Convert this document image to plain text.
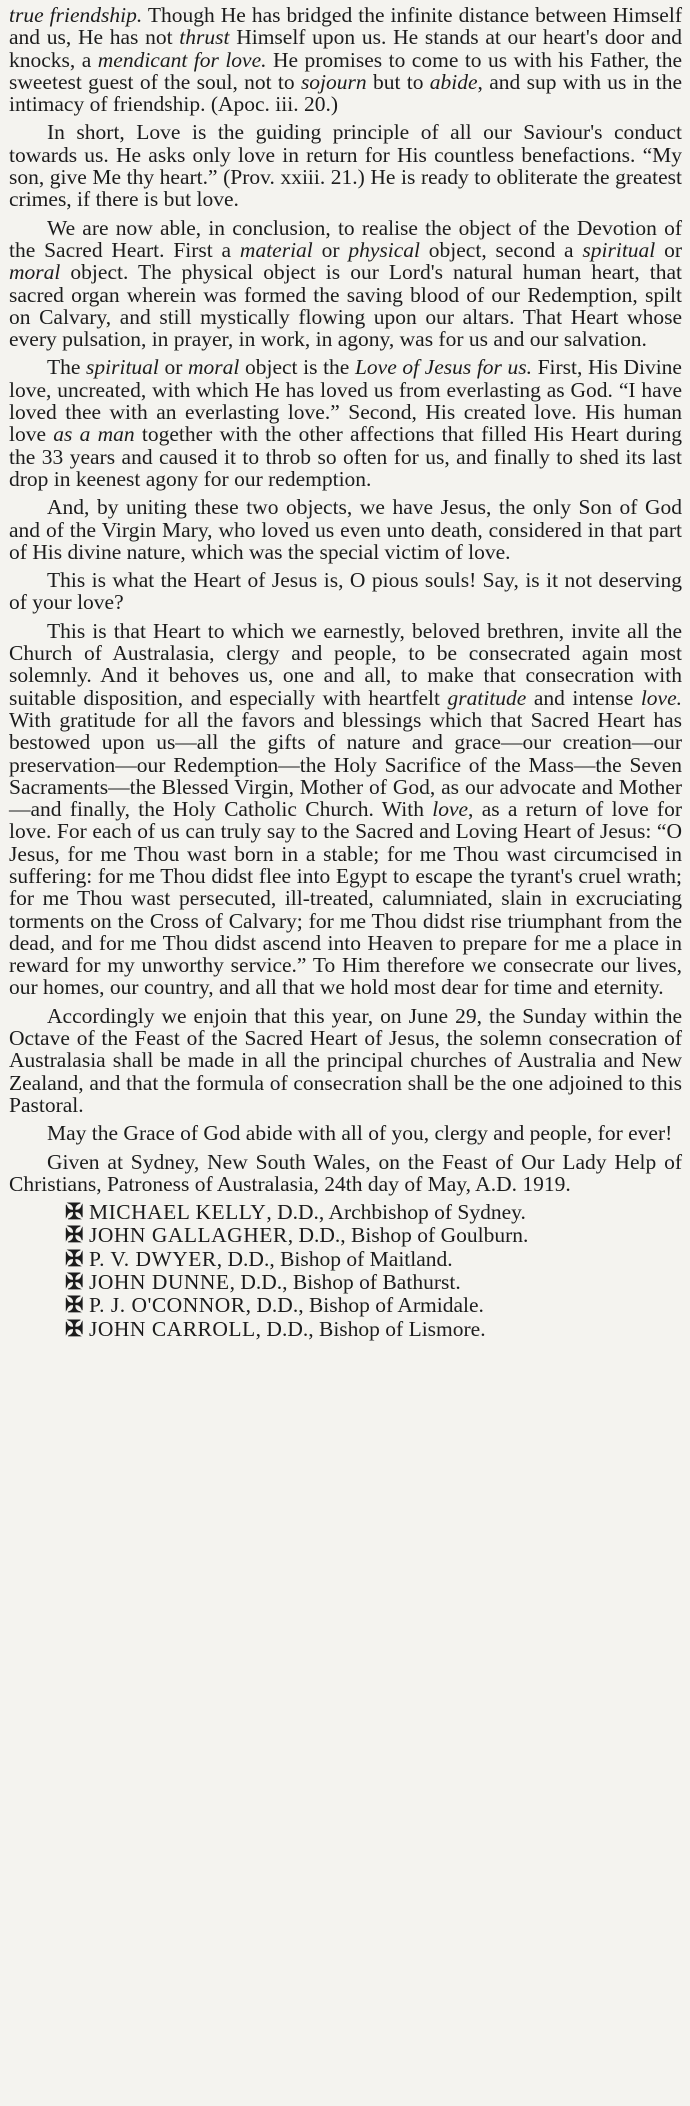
true friendship. Though He has bridged the infinite distance between Himself and us, He has not thrust Himself upon us. He stands at our heart's door and knocks, a mendicant for love. He promises to come to us with his Father, the sweetest guest of the soul, not to sojourn but to abide, and sup with us in the intimacy of friendship. (Apoc. iii. 20.)

In short, Love is the guiding principle of all our Saviour's conduct towards us. He asks only love in return for His countless benefactions. “My son, give Me thy heart.” (Prov. xxiii. 21.) He is ready to obliterate the greatest crimes, if there is but love.

We are now able, in conclusion, to realise the object of the Devotion of the Sacred Heart. First a material or physical object, second a spiritual or moral object. The physical object is our Lord's natural human heart, that sacred organ wherein was formed the saving blood of our Redemption, spilt on Calvary, and still mystically flowing upon our altars. That Heart whose every pulsation, in prayer, in work, in agony, was for us and our salvation.

The spiritual or moral object is the Love of Jesus for us. First, His Divine love, uncreated, with which He has loved us from everlasting as God. “I have loved thee with an everlasting love.” Second, His created love. His human love as a man together with the other affections that filled His Heart during the 33 years and caused it to throb so often for us, and finally to shed its last drop in keenest agony for our redemption.

And, by uniting these two objects, we have Jesus, the only Son of God and of the Virgin Mary, who loved us even unto death, considered in that part of His divine nature, which was the special victim of love.

This is what the Heart of Jesus is, O pious souls! Say, is it not deserving of your love?

This is that Heart to which we earnestly, beloved brethren, invite all the Church of Australasia, clergy and people, to be consecrated again most solemnly. And it behoves us, one and all, to make that consecration with suitable disposition, and especially with heartfelt gratitude and intense love. With gratitude for all the favors and blessings which that Sacred Heart has bestowed upon us—all the gifts of nature and grace—our creation—our preservation—our Redemption—the Holy Sacrifice of the Mass—the Seven Sacraments—the Blessed Virgin, Mother of God, as our advocate and Mother—and finally, the Holy Catholic Church. With love, as a return of love for love. For each of us can truly say to the Sacred and Loving Heart of Jesus: “O Jesus, for me Thou wast born in a stable; for me Thou wast circumcised in suffering: for me Thou didst flee into Egypt to escape the tyrant's cruel wrath; for me Thou wast persecuted, ill-treated, calumniated, slain in excruciating torments on the Cross of Calvary; for me Thou didst rise triumphant from the dead, and for me Thou didst ascend into Heaven to prepare for me a place in reward for my unworthy service.” To Him therefore we consecrate our lives, our homes, our country, and all that we hold most dear for time and eternity.

Accordingly we enjoin that this year, on June 29, the Sunday within the Octave of the Feast of the Sacred Heart of Jesus, the solemn consecration of Australasia shall be made in all the principal churches of Australia and New Zealand, and that the formula of consecration shall be the one adjoined to this Pastoral.

May the Grace of God abide with all of you, clergy and people, for ever!

Given at Sydney, New South Wales, on the Feast of Our Lady Help of Christians, Patroness of Australasia, 24th day of May, A.D. 1919.

✠ MICHAEL KELLY, D.D., Archbishop of Sydney.
✠ JOHN GALLAGHER, D.D., Bishop of Goulburn.
✠ P. V. DWYER, D.D., Bishop of Maitland.
✠ JOHN DUNNE, D.D., Bishop of Bathurst.
✠ P. J. O'CONNOR, D.D., Bishop of Armidale.
✠ JOHN CARROLL, D.D., Bishop of Lismore.
